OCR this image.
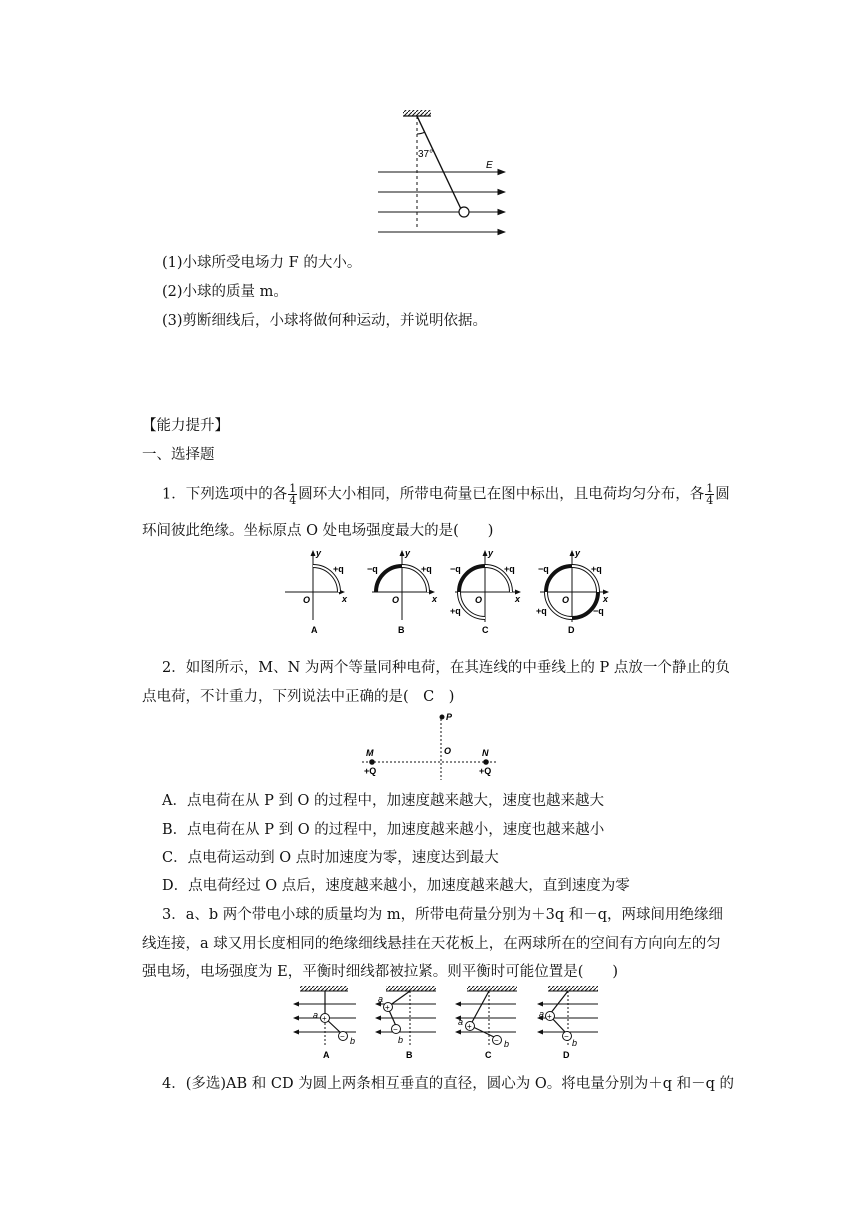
37°
E
(1)小球所受电场力 F 的大小。
(2)小球的质量 m。
(3)剪断细线后，小球将做何种运动，并说明依据。
【能力提升】
一、选择题
1．下列选项中的各 $\frac{1}{4}$ 圆环大小相同，所带电荷量已在图中标出，且电荷均匀分布，各 $\frac{1}{4}$ 圆
环间彼此绝缘。坐标原点 O 处电场强度最大的是(　　)
y
x
O
+q
y
x
O
−q	+q
y
x
O
−q	+q
+q
y
x
O
−q	+q
+q	−q
A	B	C	D
2．如图所示，M、N 为两个等量同种电荷，在其连线的中垂线上的 P 点放一个静止的负
点电荷，不计重力，下列说法中正确的是(　C　)
P
O
M	N
+Q	+Q
A．点电荷在从 P 到 O 的过程中，加速度越来越大，速度也越来越大
B．点电荷在从 P 到 O 的过程中，加速度越来越小，速度也越来越小
C．点电荷运动到 O 点时加速度为零，速度达到最大
D．点电荷经过 O 点后，速度越来越小，加速度越来越大，直到速度为零
3．a、b 两个带电小球的质量均为 m，所带电荷量分别为＋3q 和－q，两球间用绝缘细
线连接，a 球又用长度相同的绝缘细线悬挂在天花板上，在两球所在的空间有方向向左的匀
强电场，电场强度为 E，平衡时细线都被拉紧。则平衡时可能位置是(　　)
+
−
a
b
+
−
a
b
+
−
a
b
+
−
a
b
A	B	C	D
4．(多选)AB 和 CD 为圆上两条相互垂直的直径，圆心为 O。将电量分别为＋q 和－q 的
